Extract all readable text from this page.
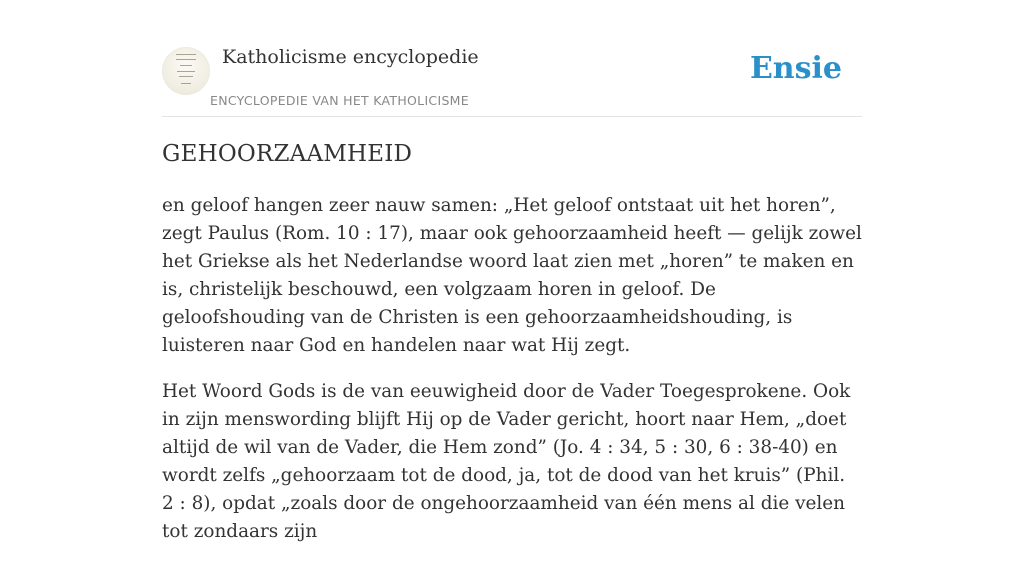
Katholicisme encyclopedie
ENCYCLOPEDIE VAN HET KATHOLICISME
Ensie
GEHOORZAAMHEID

en geloof hangen zeer nauw samen: „Het geloof ontstaat uit het horen”, zegt Paulus (Rom. 10 : 17), maar ook gehoorzaamheid heeft — gelijk zowel het Griekse als het Nederlandse woord laat zien met „horen” te maken en is, christelijk beschouwd, een volgzaam horen in geloof. De geloofshouding van de Christen is een gehoorzaamheidshouding, is luisteren naar God en handelen naar wat Hij zegt.

Het Woord Gods is de van eeuwigheid door de Vader Toegesprokene. Ook in zijn menswording blijft Hij op de Vader gericht, hoort naar Hem, „doet altijd de wil van de Vader, die Hem zond” (Jo. 4 : 34, 5 : 30, 6 : 38-40) en wordt zelfs „gehoorzaam tot de dood, ja, tot de dood van het kruis” (Phil. 2 : 8), opdat „zoals door de ongehoorzaamheid van één mens al die velen tot zondaars zijn
